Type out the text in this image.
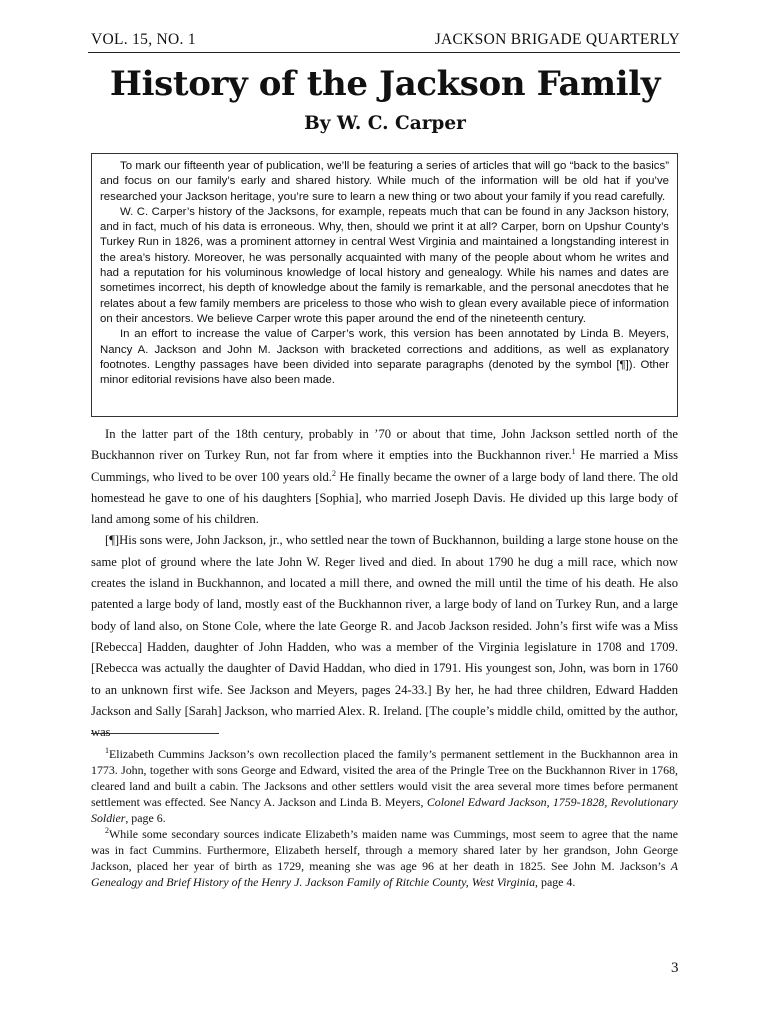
VOL. 15, NO. 1	JACKSON BRIGADE QUARTERLY
History of the Jackson Family
By W. C. Carper

To mark our fifteenth year of publication, we’ll be featuring a series of articles that will go “back to the basics” and focus on our family’s early and shared history. While much of the information will be old hat if you’ve researched your Jackson heritage, you’re sure to learn a new thing or two about your family if you read carefully.

W. C. Carper’s history of the Jacksons, for example, repeats much that can be found in any Jackson history, and in fact, much of his data is erroneous. Why, then, should we print it at all? Carper, born on Upshur County’s Turkey Run in 1826, was a prominent attorney in central West Virginia and maintained a longstanding interest in the area’s history. Moreover, he was personally acquainted with many of the people about whom he writes and had a reputation for his voluminous knowledge of local history and genealogy. While his names and dates are sometimes incorrect, his depth of knowledge about the family is remarkable, and the personal anecdotes that he relates about a few family members are priceless to those who wish to glean every available piece of information on their ancestors. We believe Carper wrote this paper around the end of the nineteenth century.

In an effort to increase the value of Carper’s work, this version has been annotated by Linda B. Meyers, Nancy A. Jackson and John M. Jackson with bracketed corrections and additions, as well as explanatory footnotes. Lengthy passages have been divided into separate paragraphs (denoted by the symbol [¶]). Other minor editorial revisions have also been made.

In the latter part of the 18th century, probably in ’70 or about that time, John Jackson settled north of the Buckhannon river on Turkey Run, not far from where it empties into the Buckhannon river.$^1$ He married a Miss Cummings, who lived to be over 100 years old.$^2$ He finally became the owner of a large body of land there. The old homestead he gave to one of his daughters [Sophia], who married Joseph Davis. He divided up this large body of land among some of his children.

[¶]His sons were, John Jackson, jr., who settled near the town of Buckhannon, building a large stone house on the same plot of ground where the late John W. Reger lived and died. In about 1790 he dug a mill race, which now creates the island in Buckhannon, and located a mill there, and owned the mill until the time of his death. He also patented a large body of land, mostly east of the Buckhannon river, a large body of land on Turkey Run, and a large body of land also, on Stone Cole, where the late George R. and Jacob Jackson resided. John’s first wife was a Miss [Rebecca] Hadden, daughter of John Hadden, who was a member of the Virginia legislature in 1708 and 1709. [Rebecca was actually the daughter of David Haddan, who died in 1791. His youngest son, John, was born in 1760 to an unknown first wife. See Jackson and Meyers, pages 24-33.] By her, he had three children, Edward Hadden Jackson and Sally [Sarah] Jackson, who married Alex. R. Ireland. [The couple’s middle child, omitted by the author, was

$^1$Elizabeth Cummins Jackson’s own recollection placed the family’s permanent settlement in the Buckhannon area in 1773. John, together with sons George and Edward, visited the area of the Pringle Tree on the Buckhannon River in 1768, cleared land and built a cabin. The Jacksons and other settlers would visit the area several more times before permanent settlement was effected. See Nancy A. Jackson and Linda B. Meyers, Colonel Edward Jackson, 1759-1828, Revolutionary Soldier, page 6.

$^2$While some secondary sources indicate Elizabeth’s maiden name was Cummings, most seem to agree that the name was in fact Cummins. Furthermore, Elizabeth herself, through a memory shared later by her grandson, John George Jackson, placed her year of birth as 1729, meaning she was age 96 at her death in 1825. See John M. Jackson’s A Genealogy and Brief History of the Henry J. Jackson Family of Ritchie County, West Virginia, page 4.

3
